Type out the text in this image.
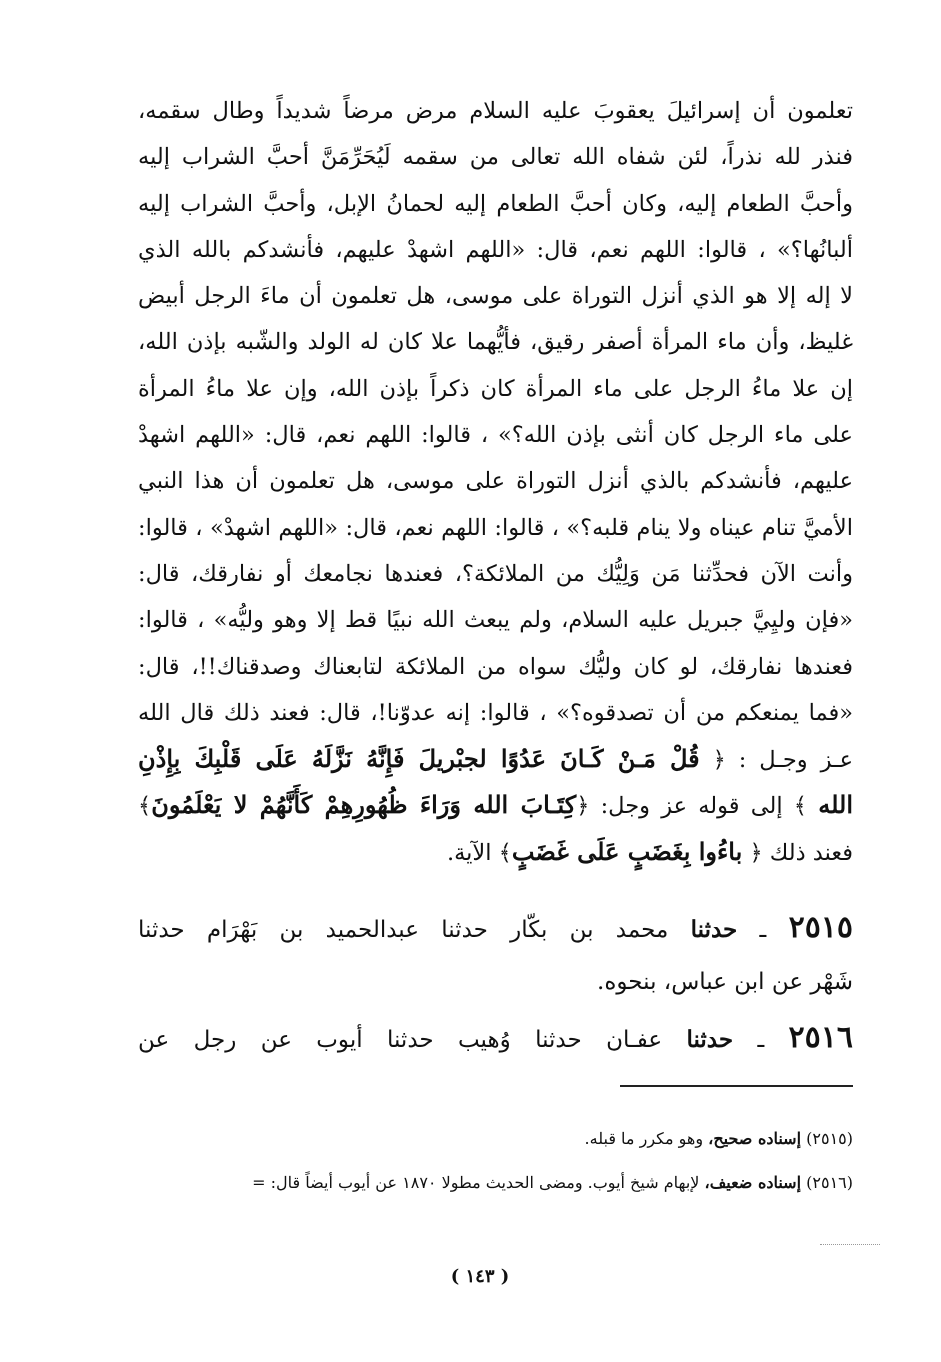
تعلمون أن إسرائيلَ يعقوبَ عليه السلام مرض مرضاً شديداً وطال سقمه،
فنذر لله نذراً، لئن شفاه الله تعالى من سقمه لَيُحَرِّمَنَّ أحبَّ الشراب إليه
وأحبَّ الطعام إليه، وكان أحبَّ الطعام إليه لحمانُ الإبل، وأحبَّ الشراب إليه
ألبانُها؟» ، قالوا: اللهم نعم، قال: «اللهم اشهدْ عليهم، فأنشدكم بالله الذي
لا إله إلا هو الذي أنزل التوراة على موسى، هل تعلمون أن ماءَ الرجل أبيض
غليظ، وأن ماء المرأة أصفر رقيق، فأيُّهما علا كان له الولد والشّبه بإذن الله،
إن علا ماءُ الرجل على ماء المرأة كان ذكراً بإذن الله، وإن علا ماءُ المرأة
على ماء الرجل كان أنثى بإذن الله؟» ، قالوا: اللهم نعم، قال: «اللهم اشهدْ
عليهم، فأنشدكم بالذي أنزل التوراة على موسى، هل تعلمون أن هذا النبي
الأميَّ تنام عيناه ولا ينام قلبه؟» ، قالوا: اللهم نعم، قال: «اللهم اشهدْ» ، قالوا:
وأنت الآن فحدِّثنا مَن وَلِيُّك من الملائكة؟، فعندها نجامعك أو نفارقك، قال:
«فإن وليِيَّ جبريل عليه السلام، ولم يبعث الله نبيًا قط إلا وهو وليُّه» ، قالوا:
فعندها نفارقك، لو كان وليُّك سواه من الملائكة لتابعناك وصدقناك!!، قال:
«فما يمنعكم من أن تصدقوه؟» ، قالوا: إنه عدوّنا!، قال: فعند ذلك قال الله
عـز وجـل : ﴿ قُلْ مَـنْ كَـانَ عَدُوًا لجبْريلَ فَإِنَّهُ نَزَّلَهُ عَلَى قَلْبِكَ بِإِذْنِ
الله ﴾ إلى قوله عز وجل: ﴿كِتَـابَ الله وَرَاءَ ظُهُورِهِمْ كَأَنَّهُمْ لا يَعْلَمُونَ﴾
فعند ذلك ﴿ باءُوا بِغَضَبٍ عَلَى غَضَبٍ﴾ الآية.
٢٥١٥ ـ حدثنا محمد بن بكّار حدثنا عبدالحميد بن بَهْرَام حدثنا
شَهْر عن ابن عباس، بنحوه.
٢٥١٦ ـ حدثنا عفـان حدثنا وُهيب حدثنا أيوب عن رجل عن
(٢٥١٥) إسناده صحيح، وهو مكرر ما قبله.
(٢٥١٦) إسناده ضعيف، لإبهام شيخ أيوب. ومضى الحديث مطولا ١٨٧٠ عن أيوب أيضاً قال: =
( ١٤٣ )
